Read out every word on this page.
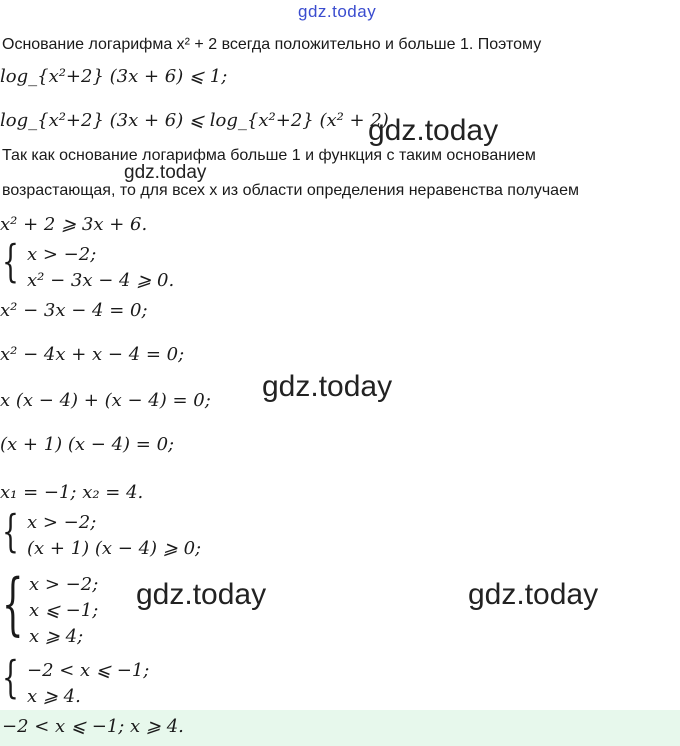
gdz.today
Основание логарифма x² + 2 всегда положительно и больше 1. Поэтому
log_{x²+2} (3x + 6) ⩽ 1;
log_{x²+2} (3x + 6) ⩽ log_{x²+2} (x² + 2).
gdz.today
Так как основание логарифма больше 1 и функция с таким основанием
gdz.today
возрастающая, то для всех x из области определения неравенства получаем
x² + 2 ⩾ 3x + 6.
{ x > −2;
x² − 3x − 4 ⩾ 0.
x² − 3x − 4 = 0;
x² − 4x + x − 4 = 0;
gdz.today
x (x − 4) + (x − 4) = 0;
(x + 1) (x − 4) = 0;
x₁ = −1; x₂ = 4.
{ x > −2;
(x + 1) (x − 4) ⩾ 0;
{ x > −2;
x ⩽ −1;
x ⩾ 4;
gdz.today	gdz.today
{ −2 < x ⩽ −1;
x ⩾ 4.
−2 < x ⩽ −1; x ⩾ 4.
